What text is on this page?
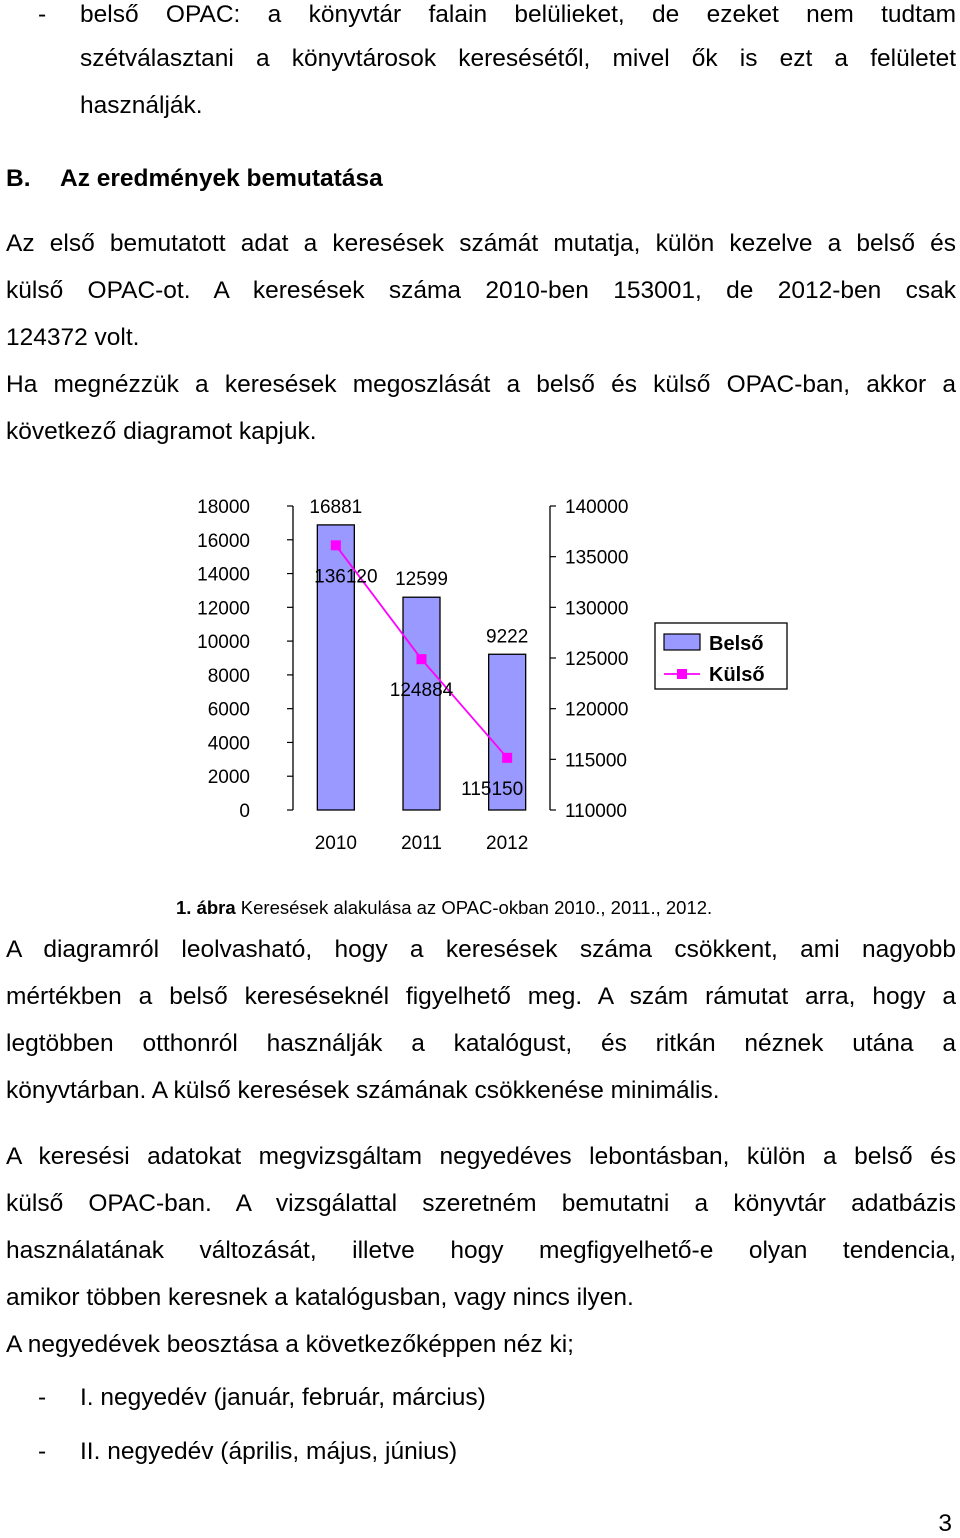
- belső OPAC: a könyvtár falain belülieket, de ezeket nem tudtam
szétválasztani a könyvtárosok keresésétől, mivel ők is ezt a felületet
használják.
B. Az eredmények bemutatása
Az első bemutatott adat a keresések számát mutatja, külön kezelve a belső és
külső OPAC-ot. A keresések száma 2010-ben 153001, de 2012-ben csak
124372 volt.
Ha megnézzük a keresések megoszlását a belső és külső OPAC-ban, akkor a
következő diagramot kapjuk.
0
2000
4000
6000
8000
10000
12000
14000
16000
18000
110000
115000
120000
125000
130000
135000
140000
16881
12599
9222
136120
124884
115150
2010 2011 2012
Belső
Külső
1. ábra Keresések alakulása az OPAC-okban 2010., 2011., 2012.
A diagramról leolvasható, hogy a keresések száma csökkent, ami nagyobb
mértékben a belső kereséseknél figyelhető meg. A szám rámutat arra, hogy a
legtöbben otthonról használják a katalógust, és ritkán néznek utána a
könyvtárban. A külső keresések számának csökkenése minimális.
A keresési adatokat megvizsgáltam negyedéves lebontásban, külön a belső és
külső OPAC-ban. A vizsgálattal szeretném bemutatni a könyvtár adatbázis
használatának változását, illetve hogy megfigyelhető-e olyan tendencia,
amikor többen keresnek a katalógusban, vagy nincs ilyen.
A negyedévek beosztása a következőképpen néz ki;
- I. negyedév (január, február, március)
- II. negyedév (április, május, június)
3
